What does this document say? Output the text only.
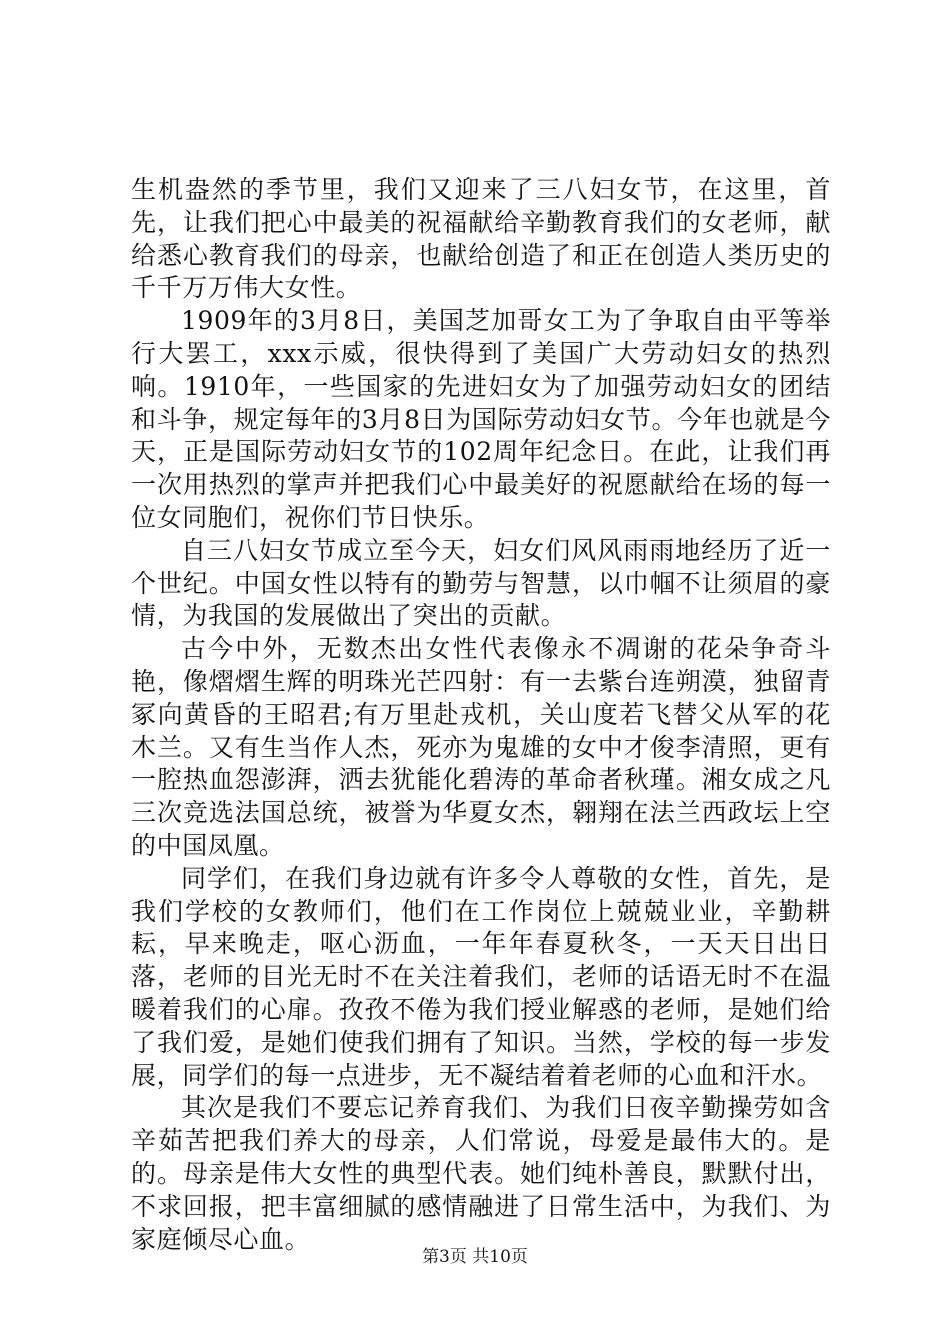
生机盎然的季节里，我们又迎来了三八妇女节，在这里，首先，让我们把心中最美的祝福献给辛勤教育我们的女老师，献给悉心教育我们的母亲，也献给创造了和正在创造人类历史的千千万万伟大女性。

1909年的3月8日，美国芝加哥女工为了争取自由平等举行大罢工，xxx示威，很快得到了美国广大劳动妇女的热烈响。1910年，一些国家的先进妇女为了加强劳动妇女的团结和斗争，规定每年的3月8日为国际劳动妇女节。今年也就是今天，正是国际劳动妇女节的102周年纪念日。在此，让我们再一次用热烈的掌声并把我们心中最美好的祝愿献给在场的每一位女同胞们，祝你们节日快乐。

自三八妇女节成立至今天，妇女们风风雨雨地经历了近一个世纪。中国女性以特有的勤劳与智慧，以巾帼不让须眉的豪情，为我国的发展做出了突出的贡献。

古今中外，无数杰出女性代表像永不凋谢的花朵争奇斗艳，像熠熠生辉的明珠光芒四射：有一去紫台连朔漠，独留青冢向黄昏的王昭君;有万里赴戎机，关山度若飞替父从军的花木兰。又有生当作人杰，死亦为鬼雄的女中才俊李清照，更有一腔热血怨澎湃，洒去犹能化碧涛的革命者秋瑾。湘女成之凡三次竞选法国总统，被誉为华夏女杰，翱翔在法兰西政坛上空的中国凤凰。

同学们，在我们身边就有许多令人尊敬的女性，首先，是我们学校的女教师们，他们在工作岗位上兢兢业业，辛勤耕耘，早来晚走，呕心沥血，一年年春夏秋冬，一天天日出日落，老师的目光无时不在关注着我们，老师的话语无时不在温暖着我们的心扉。孜孜不倦为我们授业解惑的老师，是她们给了我们爱，是她们使我们拥有了知识。当然，学校的每一步发展，同学们的每一点进步，无不凝结着着老师的心血和汗水。

其次是我们不要忘记养育我们、为我们日夜辛勤操劳如含辛茹苦把我们养大的母亲，人们常说，母爱是最伟大的。是的。母亲是伟大女性的典型代表。她们纯朴善良，默默付出，不求回报，把丰富细腻的感情融进了日常生活中，为我们、为家庭倾尽心血。

第3页 共10页
